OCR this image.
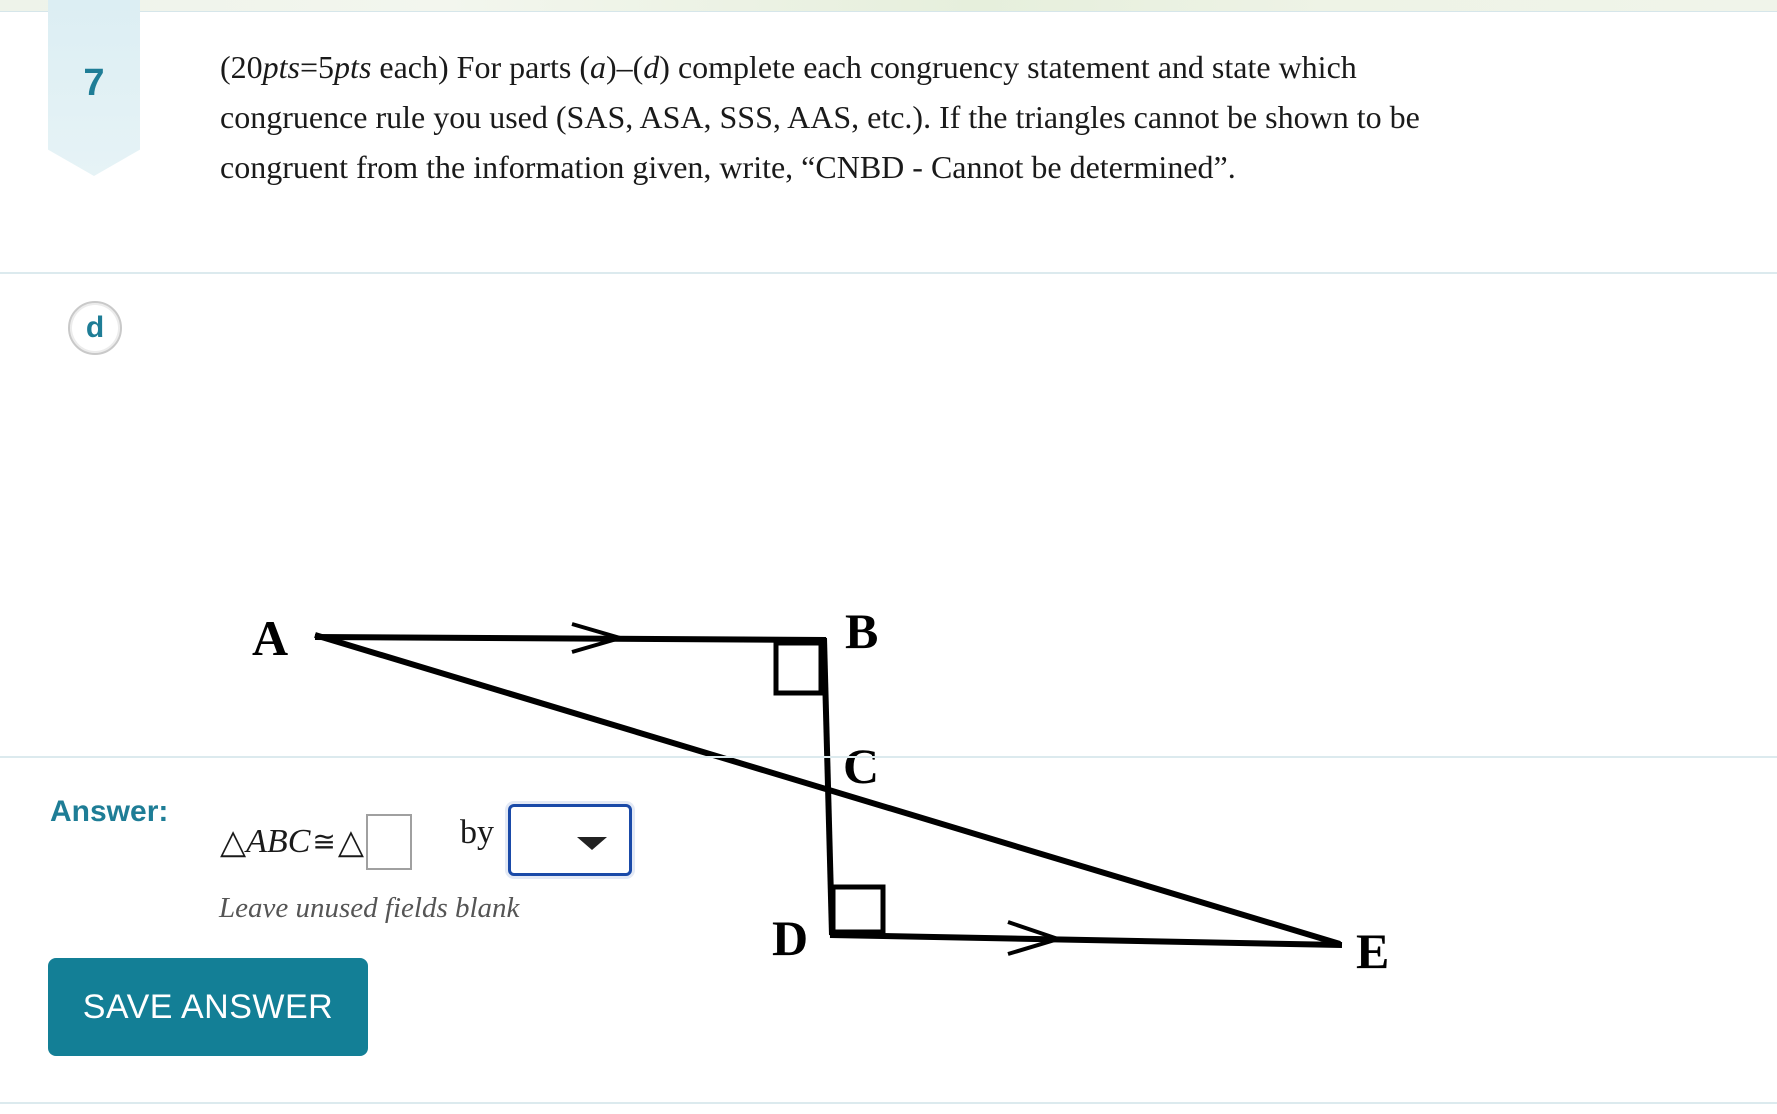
7	(20pts=5pts each) For parts (a)–(d) complete each congruency statement and state which congruence rule you used (SAS, ASA, SSS, AAS, etc.). If the triangles cannot be shown to be congruent from the information given, write, “CNBD - Cannot be determined”.
d
A	B
C
D	E
Answer:
△ ABC ≅ △	by
Leave unused fields blank
SAVE ANSWER
